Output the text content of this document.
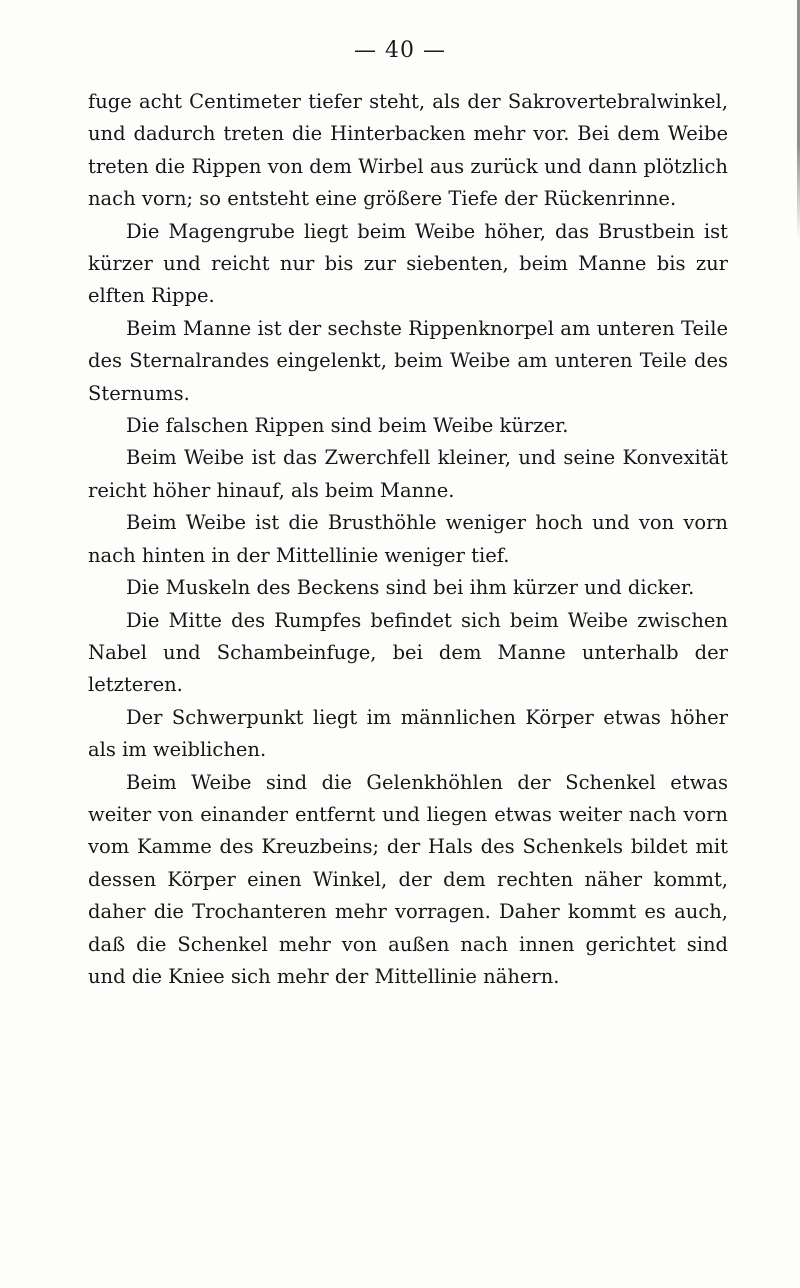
— 40 —

fuge acht Centimeter tiefer steht, als der Sakrovertebralwinkel, und dadurch treten die Hinterbacken mehr vor. Bei dem Weibe treten die Rippen von dem Wirbel aus zurück und dann plötzlich nach vorn; so entsteht eine größere Tiefe der Rückenrinne.

Die Magengrube liegt beim Weibe höher, das Brustbein ist kürzer und reicht nur bis zur siebenten, beim Manne bis zur elften Rippe.

Beim Manne ist der sechste Rippenknorpel am unteren Teile des Sternalrandes eingelenkt, beim Weibe am unteren Teile des Sternums.

Die falschen Rippen sind beim Weibe kürzer.

Beim Weibe ist das Zwerchfell kleiner, und seine Konvexität reicht höher hinauf, als beim Manne.

Beim Weibe ist die Brusthöhle weniger hoch und von vorn nach hinten in der Mittellinie weniger tief.

Die Muskeln des Beckens sind bei ihm kürzer und dicker.

Die Mitte des Rumpfes befindet sich beim Weibe zwischen Nabel und Schambeinfuge, bei dem Manne unterhalb der letzteren.

Der Schwerpunkt liegt im männlichen Körper etwas höher als im weiblichen.

Beim Weibe sind die Gelenkhöhlen der Schenkel etwas weiter von einander entfernt und liegen etwas weiter nach vorn vom Kamme des Kreuzbeins; der Hals des Schenkels bildet mit dessen Körper einen Winkel, der dem rechten näher kommt, daher die Trochanteren mehr vorragen. Daher kommt es auch, daß die Schenkel mehr von außen nach innen gerichtet sind und die Kniee sich mehr der Mittellinie nähern.
